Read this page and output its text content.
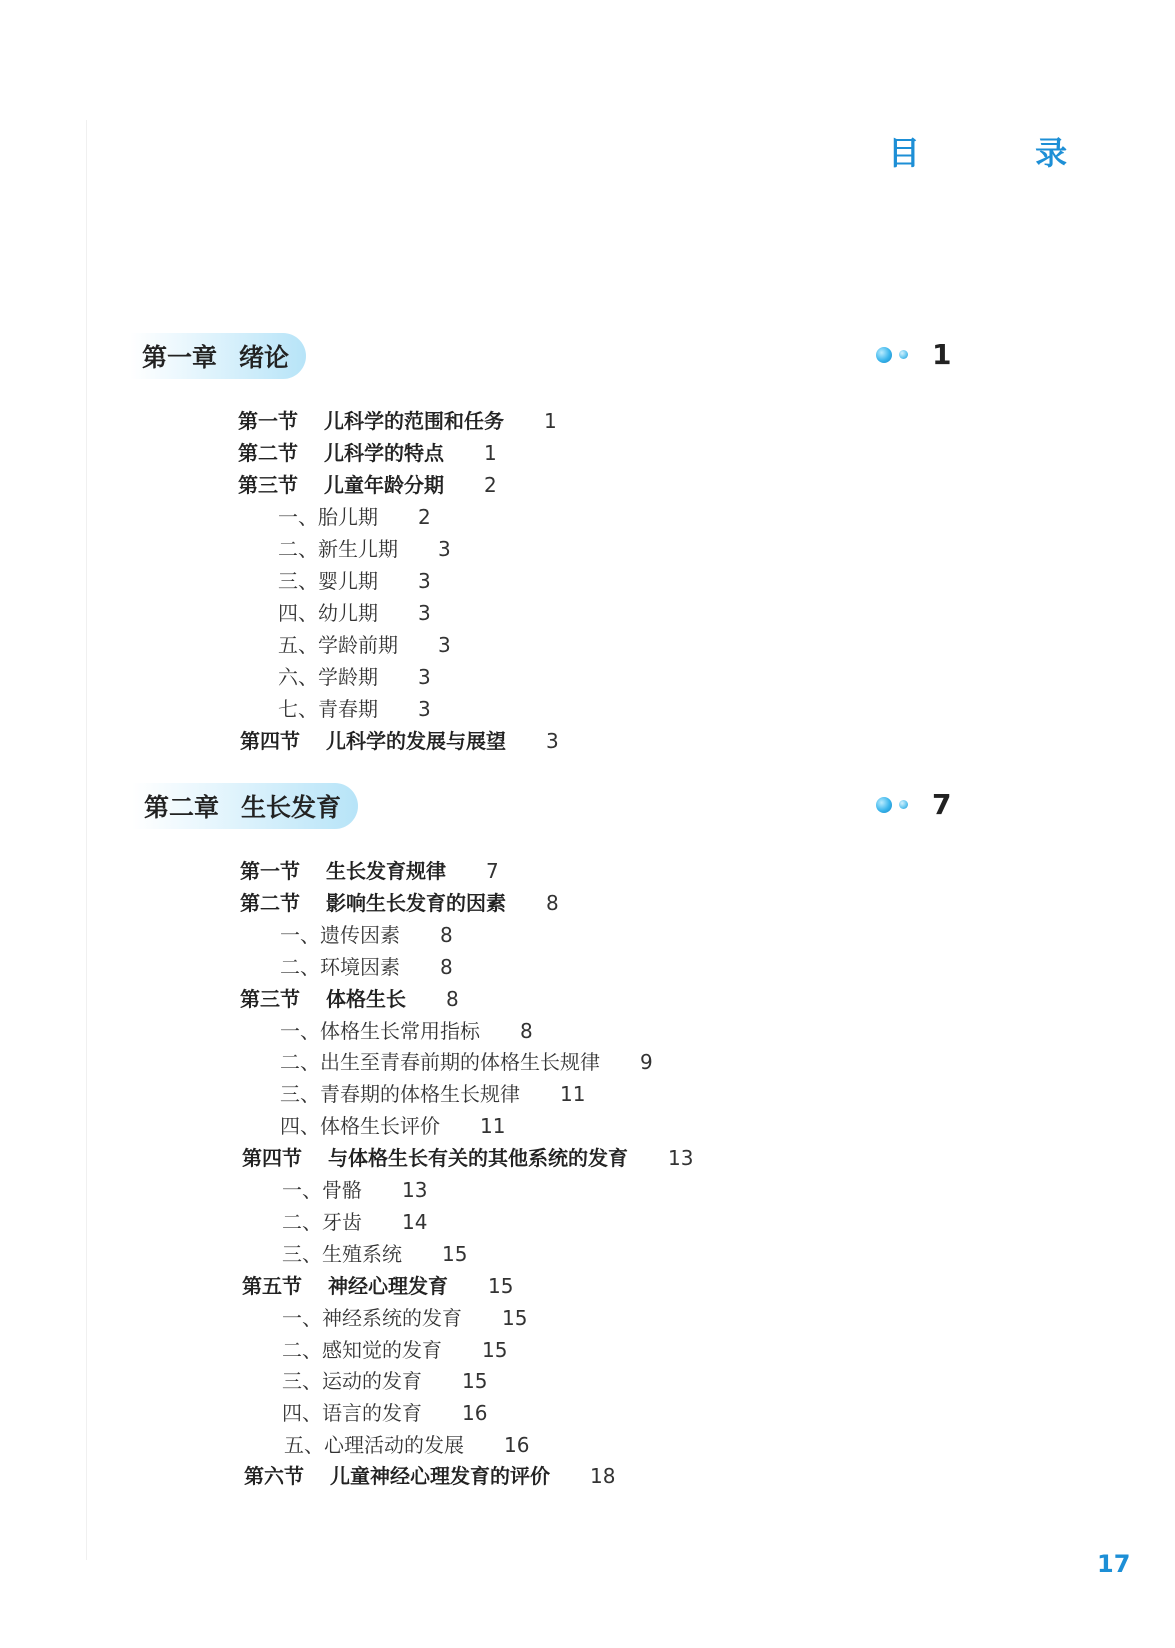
目 录
第一章 绪论	1
第一节 儿科学的范围和任务 1
第二节 儿科学的特点 1
第三节 儿童年龄分期 2
一、胎儿期 2
二、新生儿期 3
三、婴儿期 3
四、幼儿期 3
五、学龄前期 3
六、学龄期 3
七、青春期 3
第四节 儿科学的发展与展望 3
第二章 生长发育	7
第一节 生长发育规律 7
第二节 影响生长发育的因素 8
一、遗传因素 8
二、环境因素 8
第三节 体格生长 8
一、体格生长常用指标 8
二、出生至青春前期的体格生长规律 9
三、青春期的体格生长规律 11
四、体格生长评价 11
第四节 与体格生长有关的其他系统的发育 13
一、骨骼 13
二、牙齿 14
三、生殖系统 15
第五节 神经心理发育 15
一、神经系统的发育 15
二、感知觉的发育 15
三、运动的发育 15
四、语言的发育 16
五、心理活动的发展 16
第六节 儿童神经心理发育的评价 18
17
